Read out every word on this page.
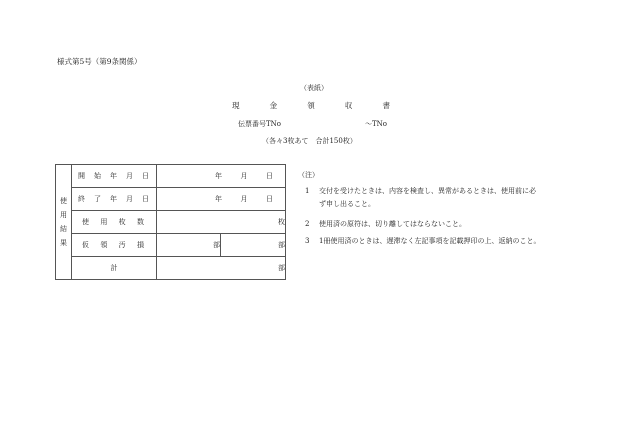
様式第5号（第9条関係）
（表紙）
現	金	領	収	書
伝票番号TNo	〜TNo
（各々3枚あて　合計150枚）
使
用
結
果	開 始 年 月 日	年 月 日	

	終 了 年 月 日	年 月 日	

	使 用 枚 数	枚	

	仮 領 汚 損	部	部
	計	部	
（注）
1 交付を受けたときは、内容を検査し、異常があるときは、使用前に必
ず申し出ること。
2 使用済の原符は、切り離してはならないこと。
3 1冊使用済のときは、遅滞なく左記事項を記載押印の上、返納のこと。
